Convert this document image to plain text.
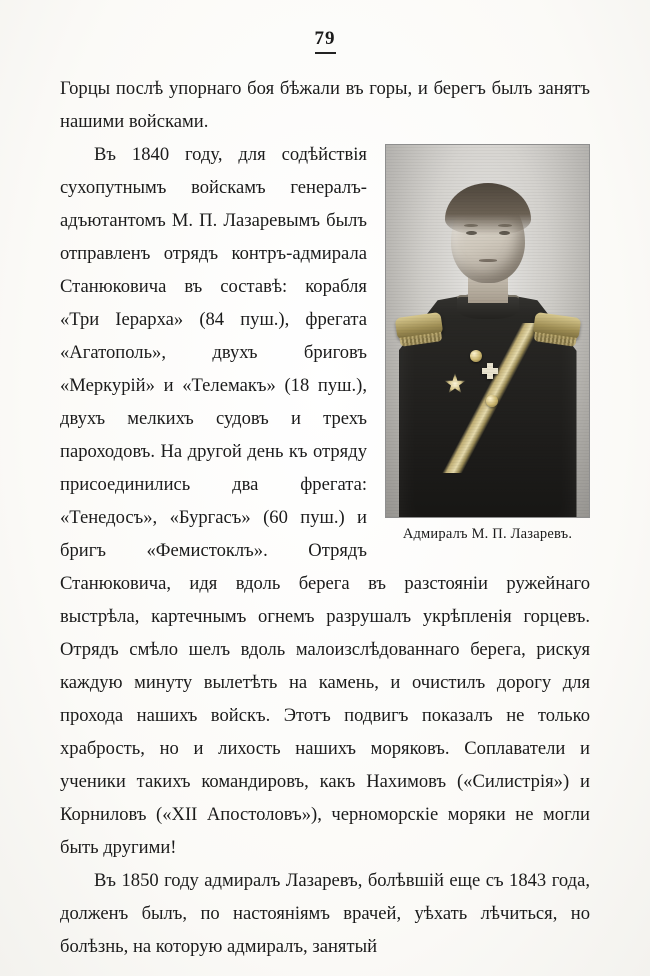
79

Горцы послѣ упорнаго боя бѣжали въ горы, и берегъ былъ занятъ нашими войсками.

Адмиралъ М. П. Лазаревъ.

Въ 1840 году, для содѣйствія сухопутнымъ войскамъ генералъ-адъютантомъ М. П. Лазаревымъ былъ отправленъ отрядъ контръ-адмирала Станюковича въ составѣ: корабля «Три Іерарха» (84 пуш.), фрегата «Агатополь», двухъ бриговъ «Меркурій» и «Телемакъ» (18 пуш.), двухъ мелкихъ судовъ и трехъ пароходовъ. На другой день къ отряду присоединились два фрегата: «Тенедосъ», «Бургасъ» (60 пуш.) и бригъ «Фемистоклъ». Отрядъ Станюковича, идя вдоль берега въ разстояніи ружейнаго выстрѣла, картечнымъ огнемъ разрушалъ укрѣпленія горцевъ. Отрядъ смѣло шелъ вдоль малоизслѣдованнаго берега, рискуя каждую минуту вылетѣть на камень, и очистилъ дорогу для прохода нашихъ войскъ. Этотъ подвигъ показалъ не только храбрость, но и лихость нашихъ моряковъ. Соплаватели и ученики такихъ командировъ, какъ Нахимовъ («Силистрія») и Корниловъ («XII Апостоловъ»), черноморскіе моряки не могли быть другими!

Въ 1850 году адмиралъ Лазаревъ, болѣвшій еще съ 1843 года, долженъ былъ, по настояніямъ врачей, уѣхать лѣчиться, но болѣзнь, на которую адмиралъ, занятый
